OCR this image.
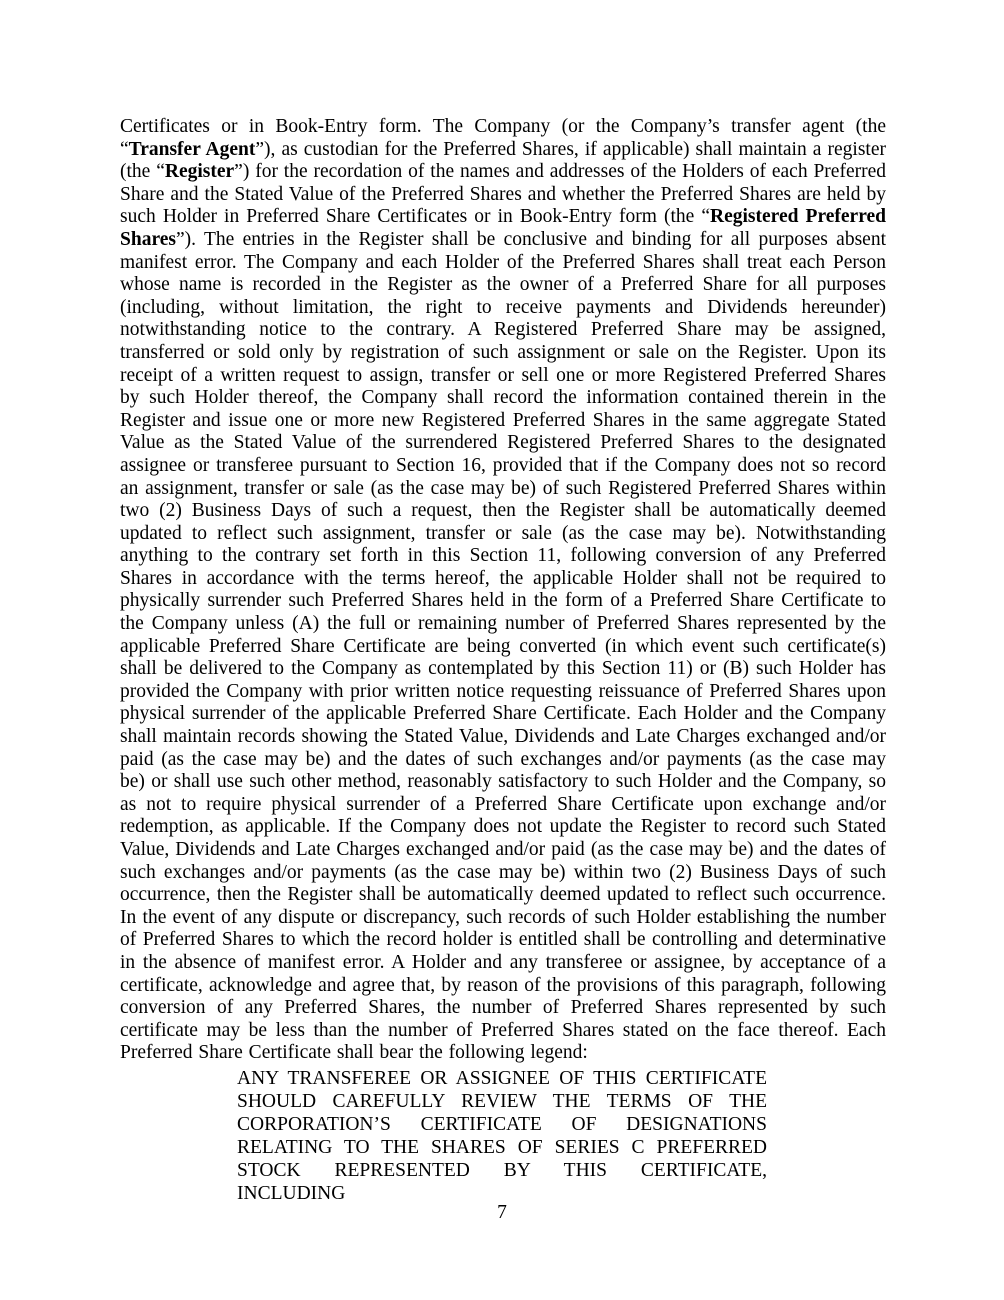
Certificates or in Book-Entry form. The Company (or the Company’s transfer agent (the “Transfer Agent”), as custodian for the Preferred Shares, if applicable) shall maintain a register (the “Register”) for the recordation of the names and addresses of the Holders of each Preferred Share and the Stated Value of the Preferred Shares and whether the Preferred Shares are held by such Holder in Preferred Share Certificates or in Book-Entry form (the “Registered Preferred Shares”). The entries in the Register shall be conclusive and binding for all purposes absent manifest error. The Company and each Holder of the Preferred Shares shall treat each Person whose name is recorded in the Register as the owner of a Preferred Share for all purposes (including, without limitation, the right to receive payments and Dividends hereunder) notwithstanding notice to the contrary. A Registered Preferred Share may be assigned, transferred or sold only by registration of such assignment or sale on the Register. Upon its receipt of a written request to assign, transfer or sell one or more Registered Preferred Shares by such Holder thereof, the Company shall record the information contained therein in the Register and issue one or more new Registered Preferred Shares in the same aggregate Stated Value as the Stated Value of the surrendered Registered Preferred Shares to the designated assignee or transferee pursuant to Section 16, provided that if the Company does not so record an assignment, transfer or sale (as the case may be) of such Registered Preferred Shares within two (2) Business Days of such a request, then the Register shall be automatically deemed updated to reflect such assignment, transfer or sale (as the case may be). Notwithstanding anything to the contrary set forth in this Section 11, following conversion of any Preferred Shares in accordance with the terms hereof, the applicable Holder shall not be required to physically surrender such Preferred Shares held in the form of a Preferred Share Certificate to the Company unless (A) the full or remaining number of Preferred Shares represented by the applicable Preferred Share Certificate are being converted (in which event such certificate(s) shall be delivered to the Company as contemplated by this Section 11) or (B) such Holder has provided the Company with prior written notice requesting reissuance of Preferred Shares upon physical surrender of the applicable Preferred Share Certificate. Each Holder and the Company shall maintain records showing the Stated Value, Dividends and Late Charges exchanged and/or paid (as the case may be) and the dates of such exchanges and/or payments (as the case may be) or shall use such other method, reasonably satisfactory to such Holder and the Company, so as not to require physical surrender of a Preferred Share Certificate upon exchange and/or redemption, as applicable. If the Company does not update the Register to record such Stated Value, Dividends and Late Charges exchanged and/or paid (as the case may be) and the dates of such exchanges and/or payments (as the case may be) within two (2) Business Days of such occurrence, then the Register shall be automatically deemed updated to reflect such occurrence. In the event of any dispute or discrepancy, such records of such Holder establishing the number of Preferred Shares to which the record holder is entitled shall be controlling and determinative in the absence of manifest error. A Holder and any transferee or assignee, by acceptance of a certificate, acknowledge and agree that, by reason of the provisions of this paragraph, following conversion of any Preferred Shares, the number of Preferred Shares represented by such certificate may be less than the number of Preferred Shares stated on the face thereof. Each Preferred Share Certificate shall bear the following legend:

ANY TRANSFEREE OR ASSIGNEE OF THIS CERTIFICATE SHOULD CAREFULLY REVIEW THE TERMS OF THE CORPORATION’S CERTIFICATE OF DESIGNATIONS RELATING TO THE SHARES OF SERIES C PREFERRED STOCK REPRESENTED BY THIS CERTIFICATE, INCLUDING

7
